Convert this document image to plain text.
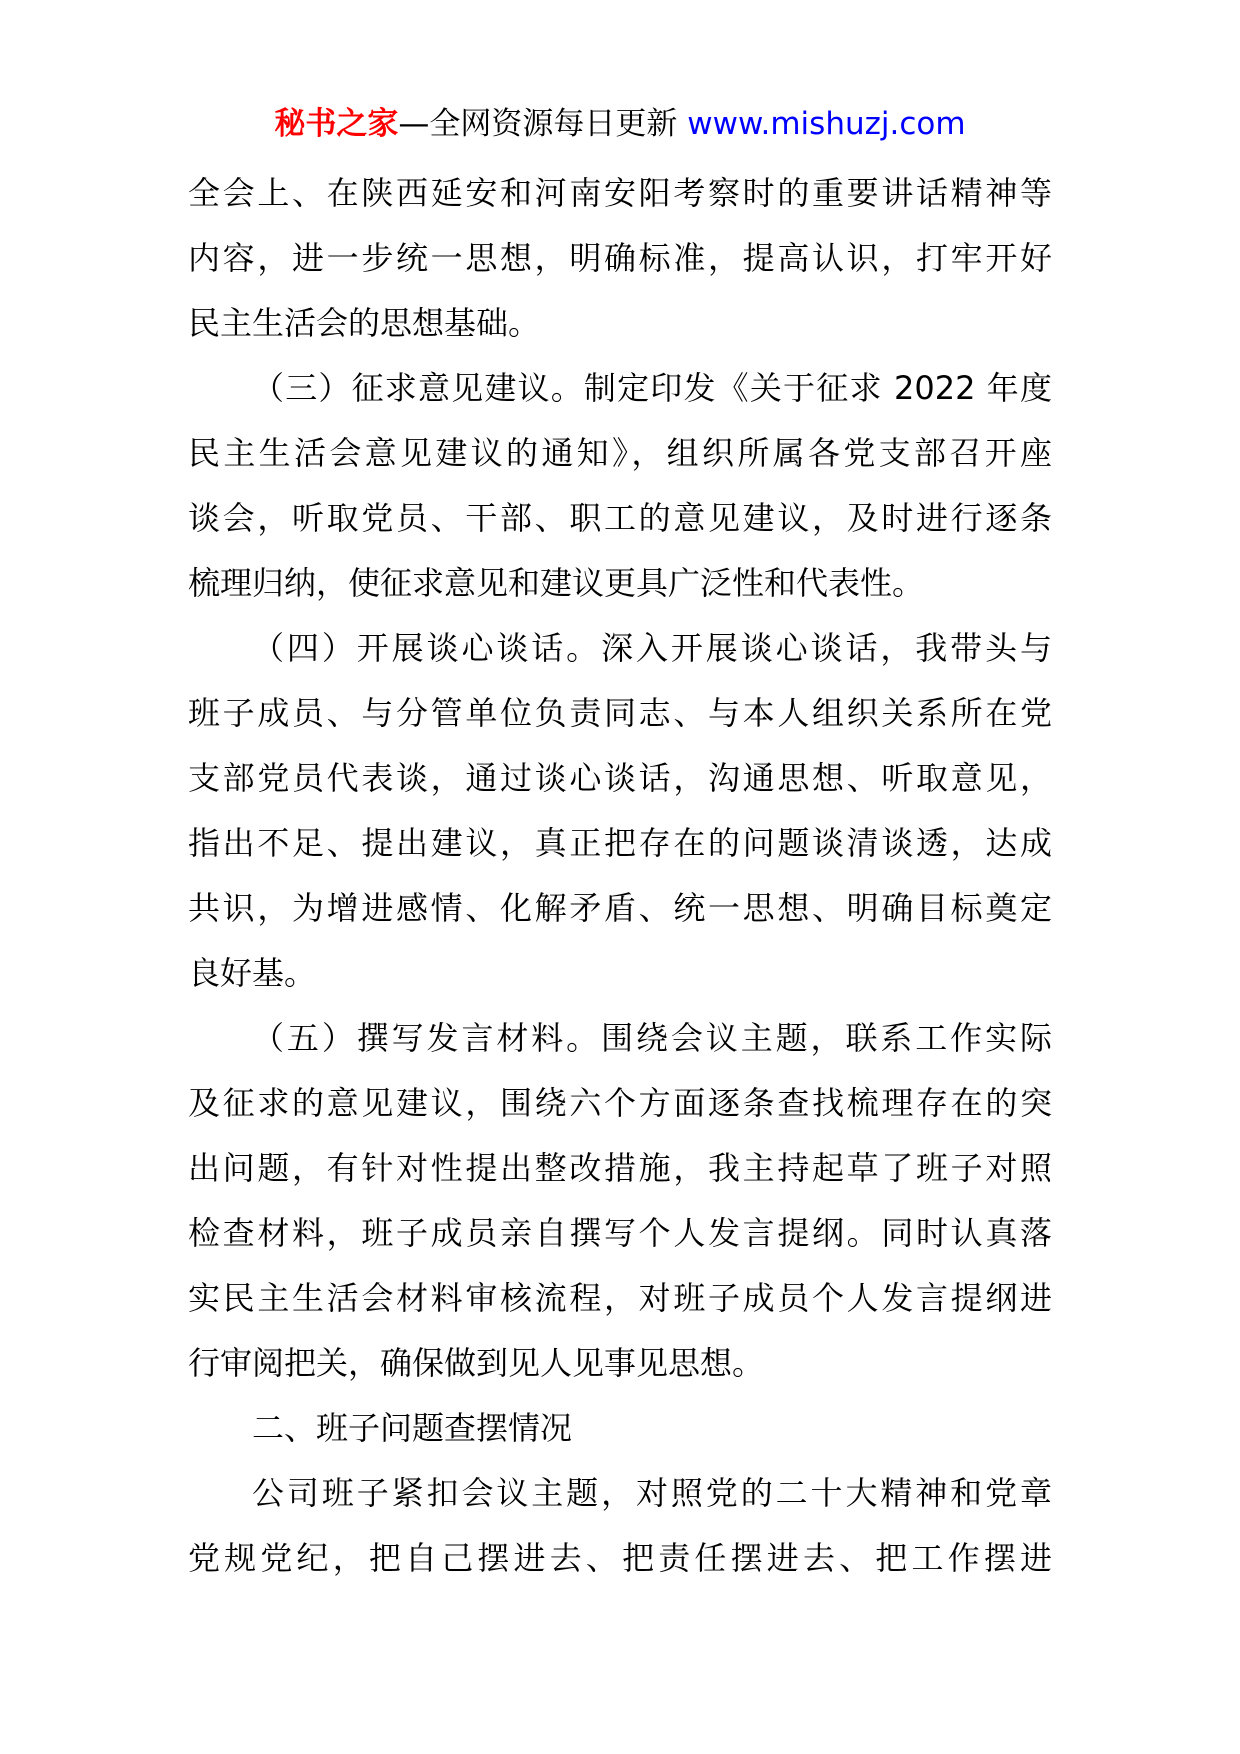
秘书之家—全网资源每日更新 www.mishuzj.com
全会上、在陕西延安和河南安阳考察时的重要讲话精神等
内容，进一步统一思想，明确标准，提高认识，打牢开好
民主生活会的思想基础。
（三）征求意见建议。制定印发《关于征求 2022 年度
民主生活会意见建议的通知》，组织所属各党支部召开座
谈会，听取党员、干部、职工的意见建议，及时进行逐条
梳理归纳，使征求意见和建议更具广泛性和代表性。
（四）开展谈心谈话。深入开展谈心谈话，我带头与
班子成员、与分管单位负责同志、与本人组织关系所在党
支部党员代表谈，通过谈心谈话，沟通思想、听取意见，
指出不足、提出建议，真正把存在的问题谈清谈透，达成
共识，为增进感情、化解矛盾、统一思想、明确目标奠定
良好基。
（五）撰写发言材料。围绕会议主题，联系工作实际
及征求的意见建议，围绕六个方面逐条查找梳理存在的突
出问题，有针对性提出整改措施，我主持起草了班子对照
检查材料，班子成员亲自撰写个人发言提纲。同时认真落
实民主生活会材料审核流程，对班子成员个人发言提纲进
行审阅把关，确保做到见人见事见思想。
二、班子问题查摆情况
公司班子紧扣会议主题，对照党的二十大精神和党章
党规党纪，把自己摆进去、把责任摆进去、把工作摆进
